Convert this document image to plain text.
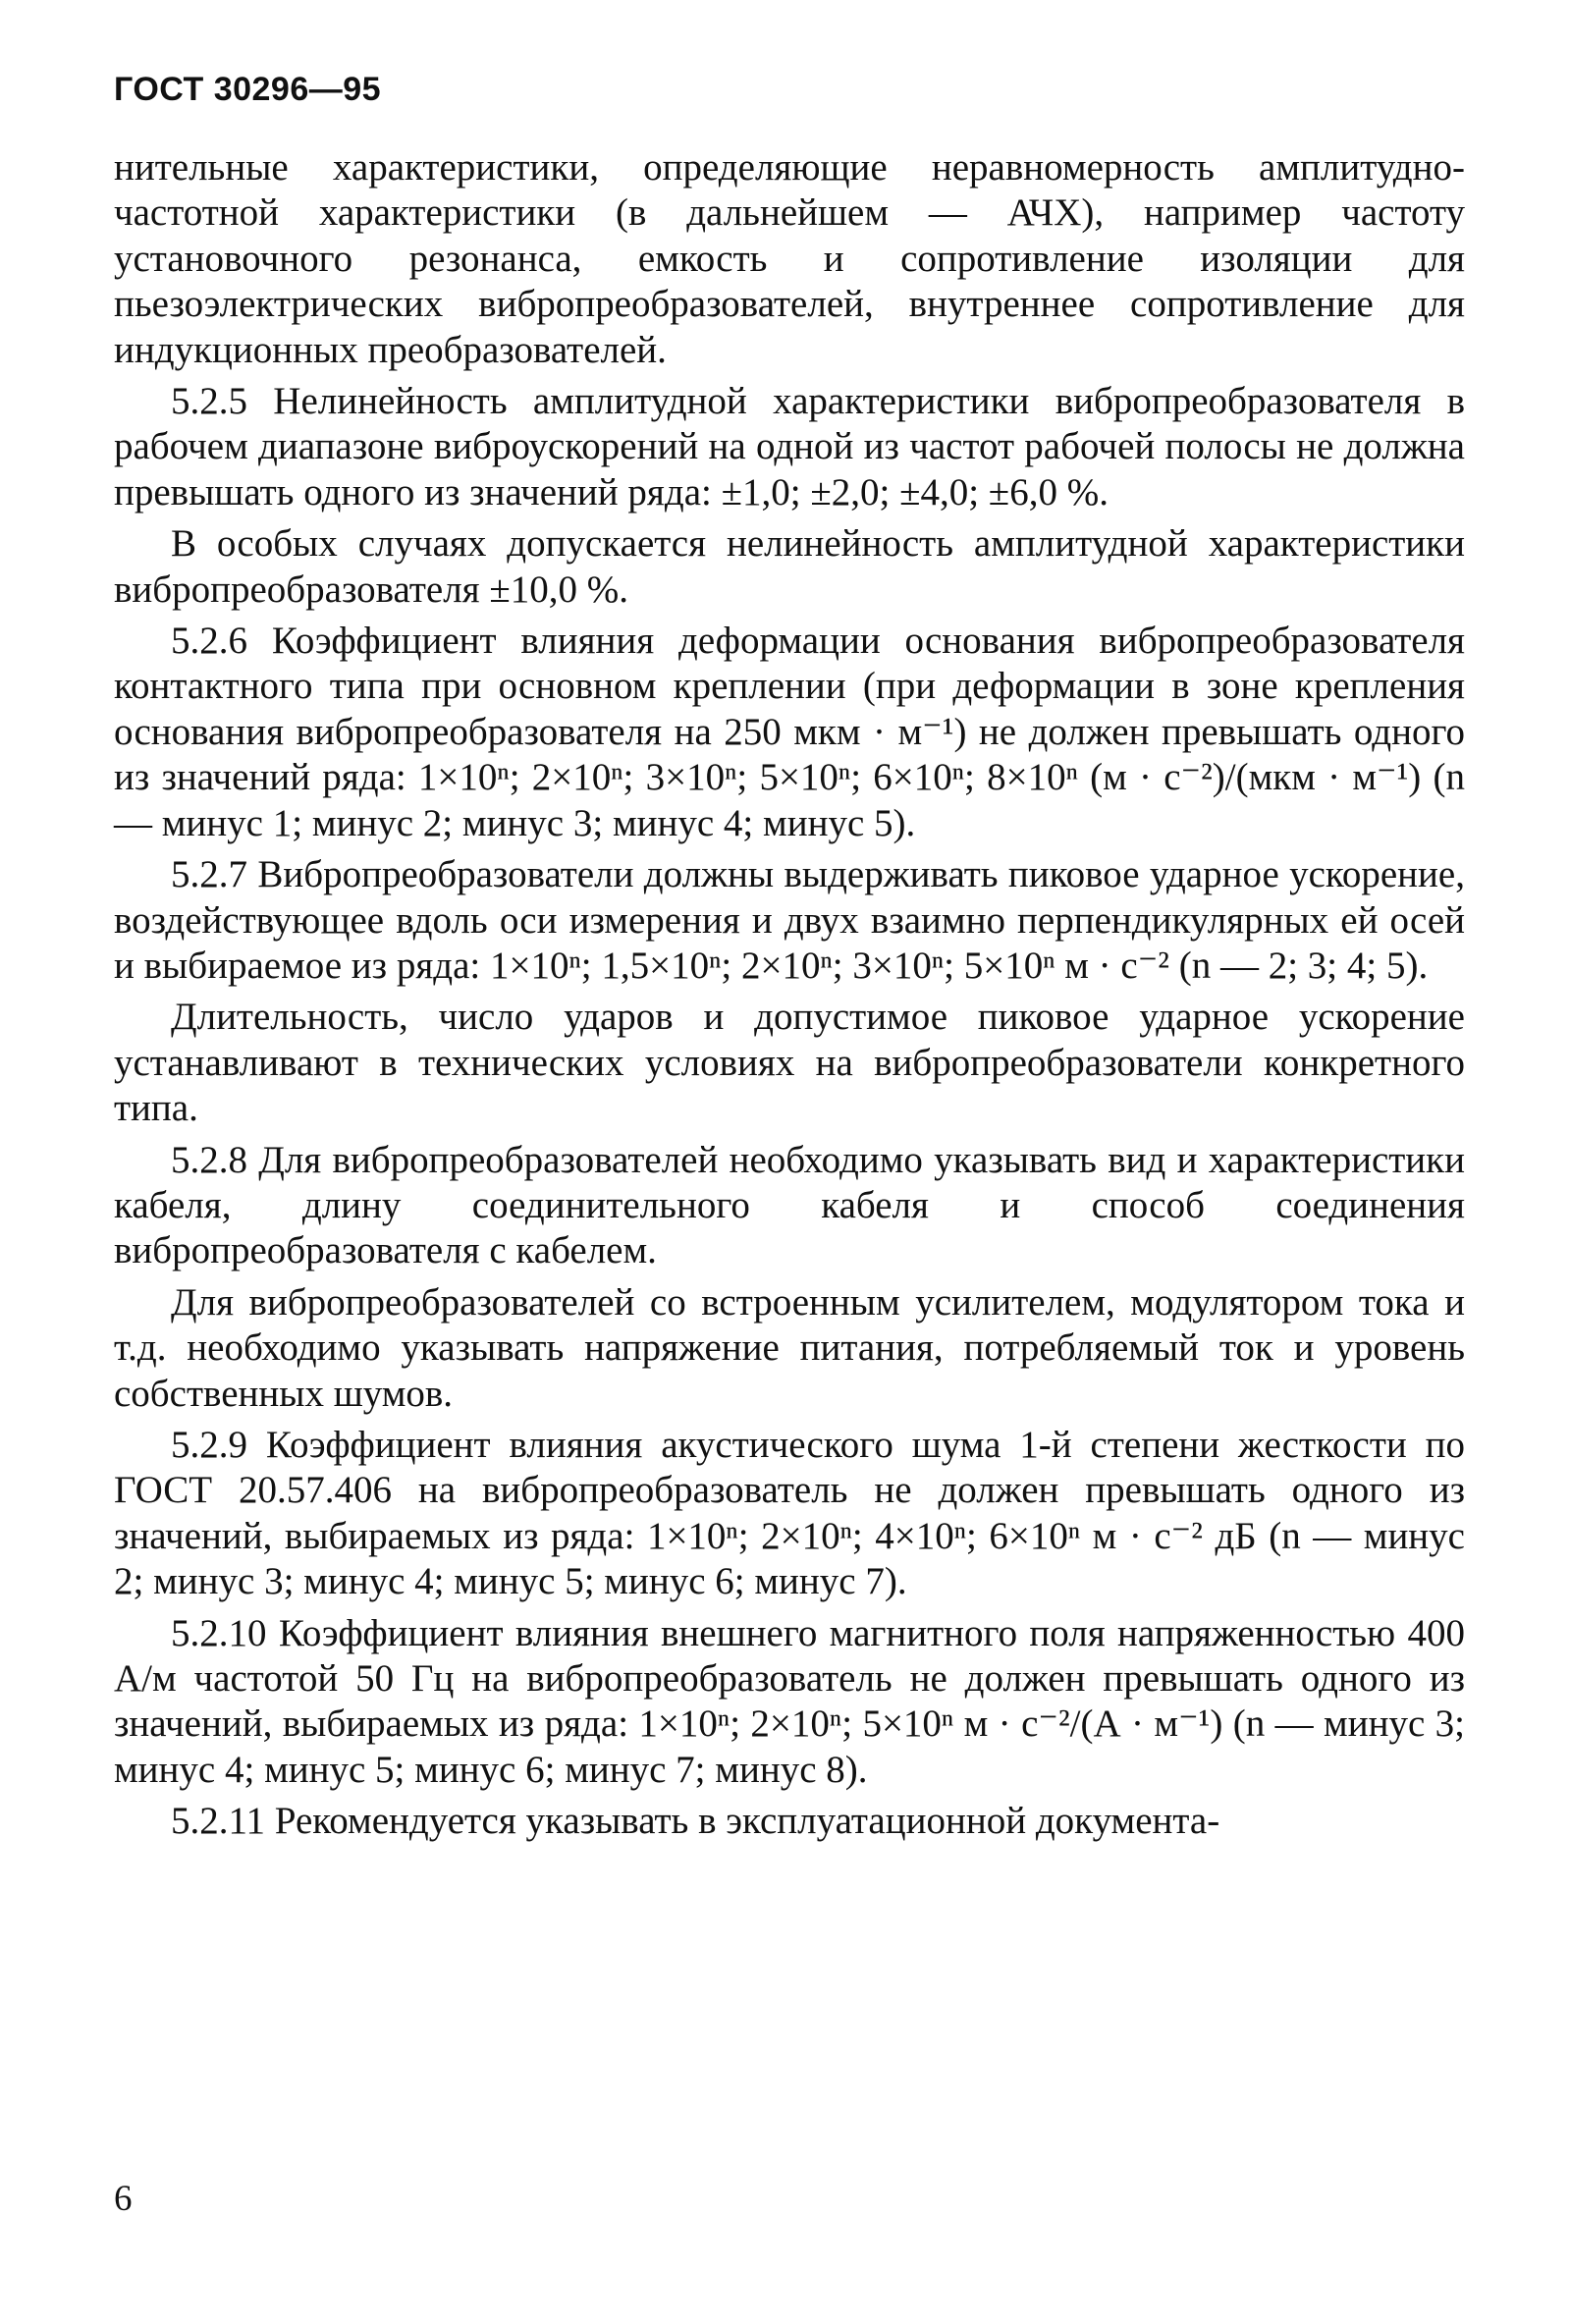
ГОСТ 30296—95

нительные характеристики, определяющие неравномерность амплитудно-частотной характеристики (в дальнейшем — АЧХ), например частоту установочного резонанса, емкость и сопротивление изоляции для пьезоэлектрических вибропреобразователей, внутреннее сопротивление для индукционных преобразователей.

5.2.5 Нелинейность амплитудной характеристики вибропреобразователя в рабочем диапазоне виброускорений на одной из частот рабочей полосы не должна превышать одного из значений ряда: ±1,0; ±2,0; ±4,0; ±6,0 %.

В особых случаях допускается нелинейность амплитудной характеристики вибропреобразователя ±10,0 %.

5.2.6 Коэффициент влияния деформации основания вибропреобразователя контактного типа при основном креплении (при деформации в зоне крепления основания вибропреобразователя на 250 мкм · м⁻¹) не должен превышать одного из значений ряда: 1×10ⁿ; 2×10ⁿ; 3×10ⁿ; 5×10ⁿ; 6×10ⁿ; 8×10ⁿ (м · с⁻²)/(мкм · м⁻¹) (n — минус 1; минус 2; минус 3; минус 4; минус 5).

5.2.7 Вибропреобразователи должны выдерживать пиковое ударное ускорение, воздействующее вдоль оси измерения и двух взаимно перпендикулярных ей осей и выбираемое из ряда: 1×10ⁿ; 1,5×10ⁿ; 2×10ⁿ; 3×10ⁿ; 5×10ⁿ м · с⁻² (n — 2; 3; 4; 5).

Длительность, число ударов и допустимое пиковое ударное ускорение устанавливают в технических условиях на вибропреобразователи конкретного типа.

5.2.8 Для вибропреобразователей необходимо указывать вид и характеристики кабеля, длину соединительного кабеля и способ соединения вибропреобразователя с кабелем.

Для вибропреобразователей со встроенным усилителем, модулятором тока и т.д. необходимо указывать напряжение питания, потребляемый ток и уровень собственных шумов.

5.2.9 Коэффициент влияния акустического шума 1-й степени жесткости по ГОСТ 20.57.406 на вибропреобразователь не должен превышать одного из значений, выбираемых из ряда: 1×10ⁿ; 2×10ⁿ; 4×10ⁿ; 6×10ⁿ м · с⁻² дБ (n — минус 2; минус 3; минус 4; минус 5; минус 6; минус 7).

5.2.10 Коэффициент влияния внешнего магнитного поля напряженностью 400 А/м частотой 50 Гц на вибропреобразователь не должен превышать одного из значений, выбираемых из ряда: 1×10ⁿ; 2×10ⁿ; 5×10ⁿ м · с⁻²/(А · м⁻¹) (n — минус 3; минус 4; минус 5; минус 6; минус 7; минус 8).

5.2.11 Рекомендуется указывать в эксплуатационной документа-

6
